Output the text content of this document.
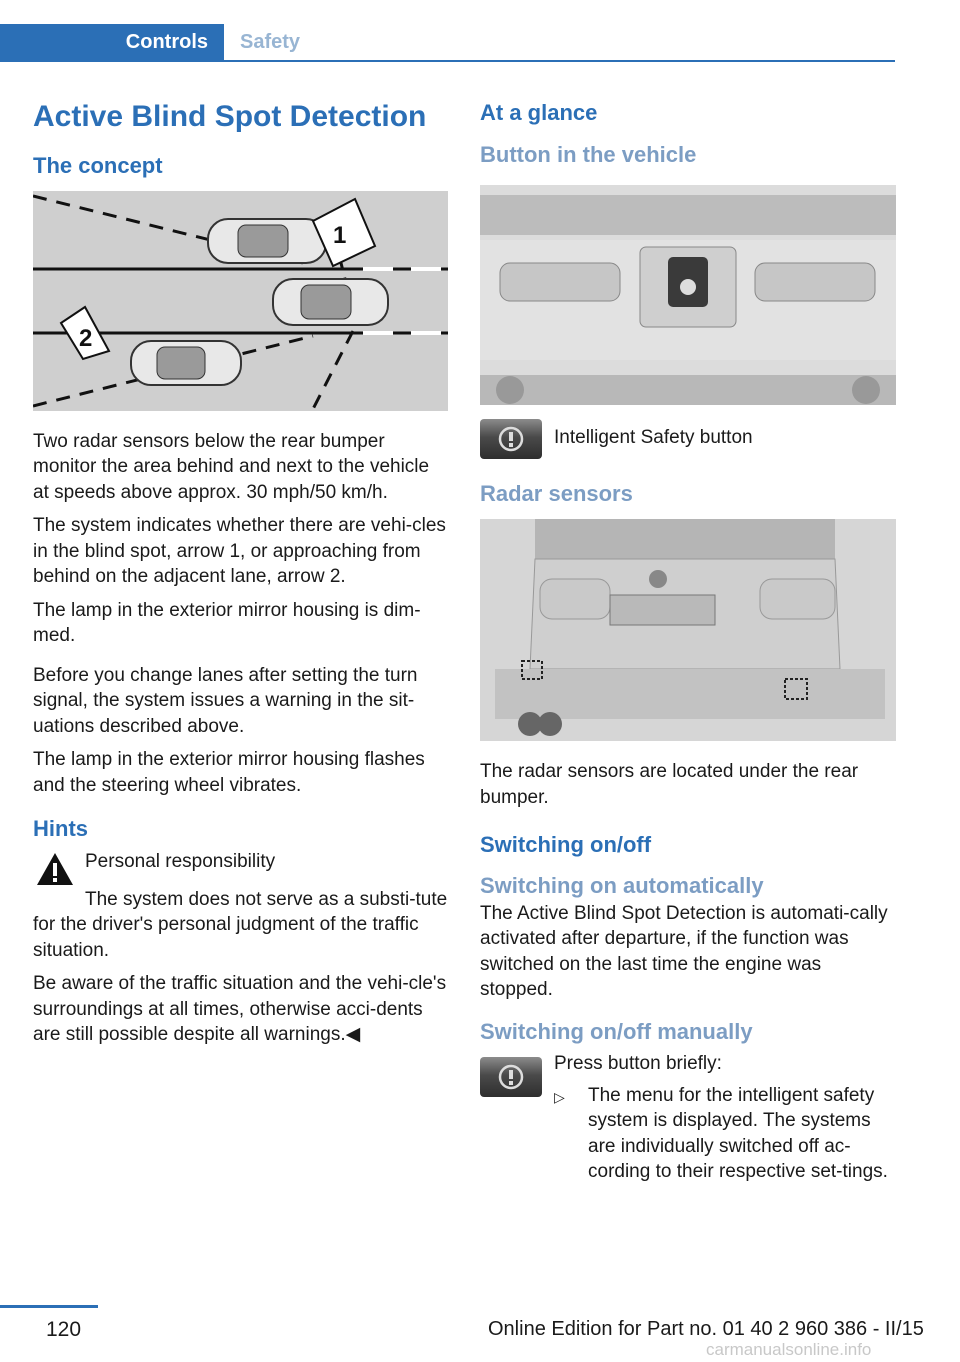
Controls	Safety
Active Blind Spot Detection
The concept
1
2

Two radar sensors below the rear bumper monitor the area behind and next to the vehicle at speeds above approx. 30 mph/50 km/h.

The system indicates whether there are vehi-cles in the blind spot, arrow 1, or approaching from behind on the adjacent lane, arrow 2.

The lamp in the exterior mirror housing is dim-med.

Before you change lanes after setting the turn signal, the system issues a warning in the sit-uations described above.

The lamp in the exterior mirror housing flashes and the steering wheel vibrates.

Hints

Personal responsibility

The system does not serve as a substi-tute for the driver's personal judgment of the traffic situation.

Be aware of the traffic situation and the vehi-cle's surroundings at all times, otherwise acci-dents are still possible despite all warnings.◀

At a glance
Button in the vehicle

Intelligent Safety button

Radar sensors

The radar sensors are located under the rear bumper.

Switching on/off
Switching on automatically

The Active Blind Spot Detection is automati-cally activated after departure, if the function was switched on the last time the engine was stopped.

Switching on/off manually

Press button briefly:

▷	The menu for the intelligent safety system is displayed. The systems are individually switched off ac-cording to their respective set-tings.
120	Online Edition for Part no. 01 40 2 960 386 - II/15
carmanualsonline.info
